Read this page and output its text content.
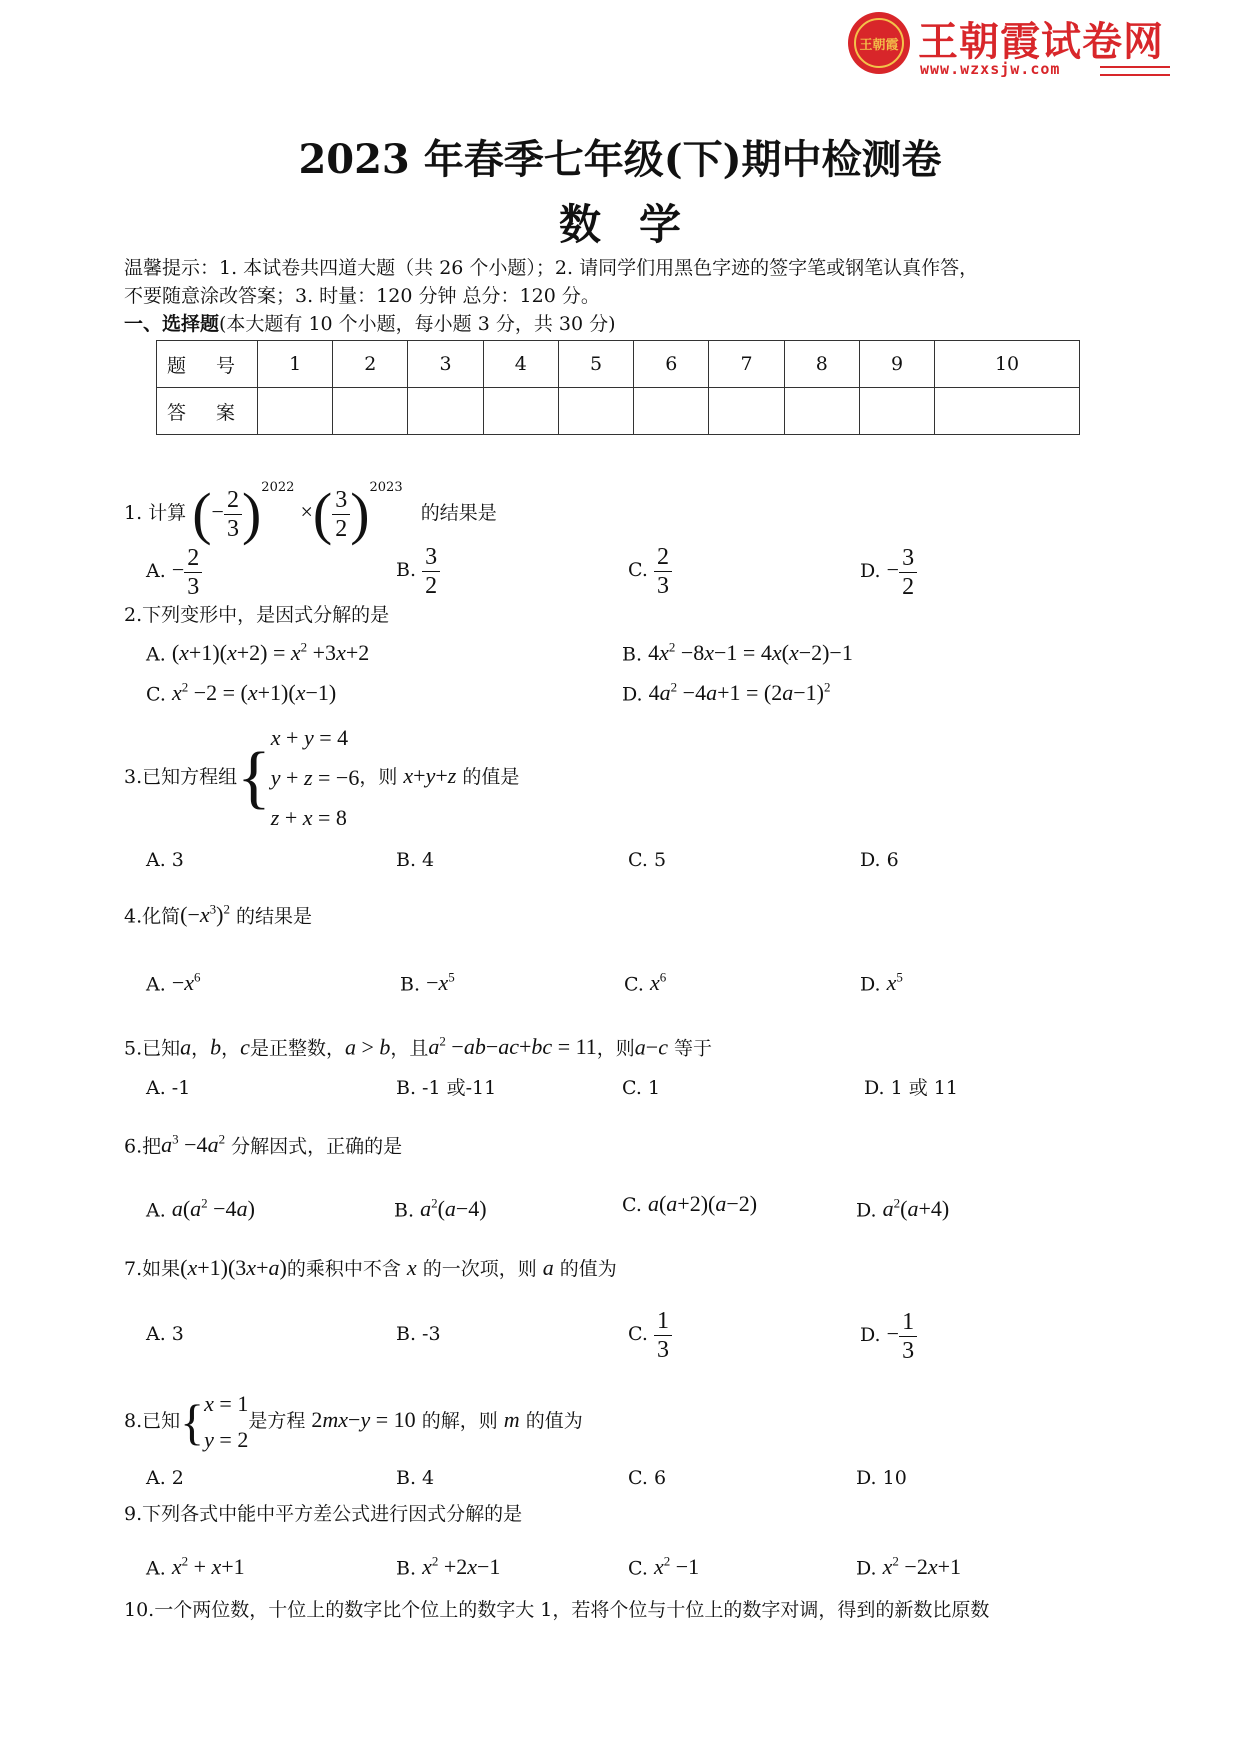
王朝霞 王朝霞试卷网
www.wzxsjw.com
2023 年春季七年级(下)期中检测卷
数学
温馨提示：1. 本试卷共四道大题（共 26 个小题）；2. 请同学们用黑色字迹的签字笔或钢笔认真作答，
不要随意涂改答案；3. 时量：120 分钟 总分：120 分。
一、选择题(本大题有 10 个小题，每小题 3 分，共 30 分)
题 号	1	2	3	4	5	6	7	8	9	10
答 案										
1. 计算 (− $\frac{2}{3} )^{2022}$ ×( $\frac{3}{2} )^{2023}$   的结果是
A. − $\frac{2}{3}$	B. $\frac{3}{2}$	C. $\frac{2}{3}$	D. − $\frac{3}{2}$
2.下列变形中，是因式分解的是
A. $(x+1)(x+2) = x^2 +3x+2$	B. $4x^2 -8x-1 = 4x(x-2)-1$
C. $x^2 -2 = (x+1)(x-1)$	D. $4a^2 -4a+1 = (2a-1)^2$
3.已知方程组{
x + y = 4
y + z = −6
z + x = 8
，则 x+y+z 的值是
A. 3	B. 4	C. 5	D. 6
4.化简$(-x^3)^2$ 的结果是
A. $-x^6$	B. $-x^5$	C. $x^6$	D. $x^5$
5.已知a，b，c是正整数，a > b，且$a^2 -ab-ac+bc = 11$，则a−c 等于
A. -1	B. -1 或-11	C. 1	D. 1 或 11
6.把$a^3 -4a^2$ 分解因式，正确的是
A. $a(a^2 -4a)$	B. $a^2(a-4)$	C. a(a+2)(a−2)	D. $a^2(a+4)$
7.如果(x+1)(3x+a)的乘积中不含 x 的一次项，则 a 的值为
A. 3	B. -3	C. $\frac{1}{3}$	D. − $\frac{1}{3}$
8.已知{ x = 1
y = 2
是方程 2mx−y = 10 的解，则 m 的值为
A. 2	B. 4	C. 6	D. 10
9.下列各式中能中平方差公式进行因式分解的是
A. $x^2 + x+1$	B. $x^2 +2x-1$	C. $x^2 -1$	D. $x^2 -2x+1$
10.一个两位数，十位上的数字比个位上的数字大 1，若将个位与十位上的数字对调，得到的新数比原数
